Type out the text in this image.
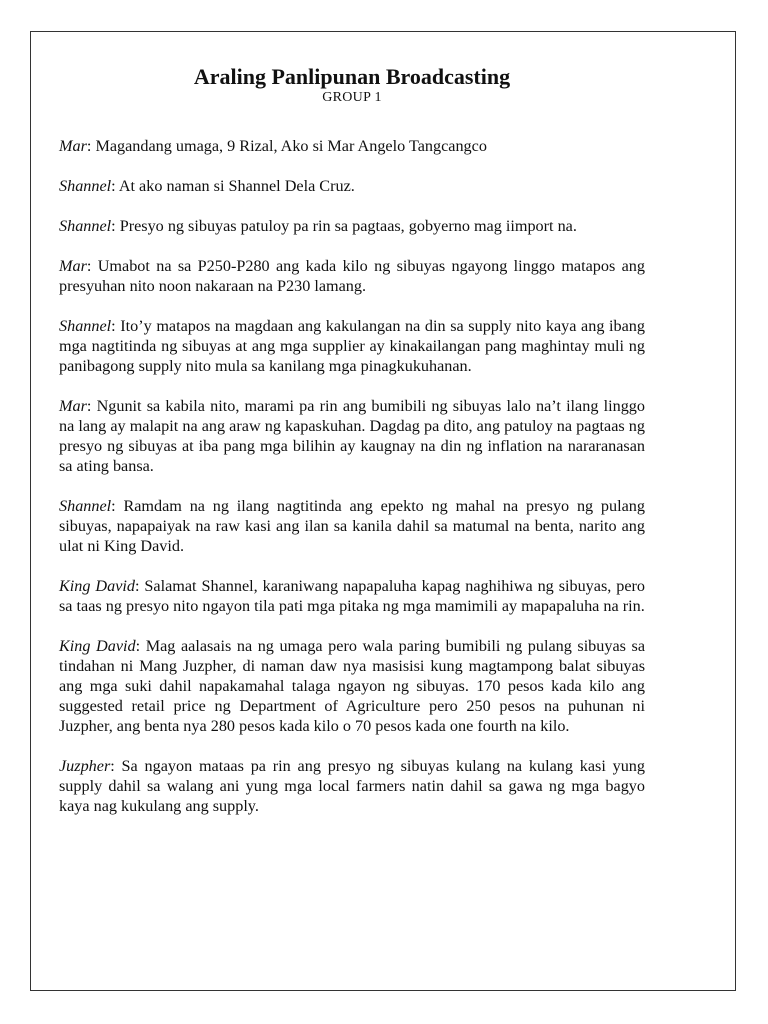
Araling Panlipunan Broadcasting

GROUP 1

Mar: Magandang umaga, 9 Rizal, Ako si Mar Angelo Tangcangco

Shannel: At ako naman si Shannel Dela Cruz.

Shannel: Presyo ng sibuyas patuloy pa rin sa pagtaas, gobyerno mag iimport na.

Mar: Umabot na sa P250-P280 ang kada kilo ng sibuyas ngayong linggo matapos ang presyuhan nito noon nakaraan na P230 lamang.

Shannel: Ito’y matapos na magdaan ang kakulangan na din sa supply nito kaya ang ibang mga nagtitinda ng sibuyas at ang mga supplier ay kinakailangan pang maghintay muli ng panibagong supply nito mula sa kanilang mga pinagkukuhanan.

Mar: Ngunit sa kabila nito, marami pa rin ang bumibili ng sibuyas lalo na’t ilang linggo na lang ay malapit na ang araw ng kapaskuhan. Dagdag pa dito, ang patuloy na pagtaas ng presyo ng sibuyas at iba pang mga bilihin ay kaugnay na din ng inflation na nararanasan sa ating bansa.

Shannel: Ramdam na ng ilang nagtitinda ang epekto ng mahal na presyo ng pulang sibuyas, napapaiyak na raw kasi ang ilan sa kanila dahil sa matumal na benta, narito ang ulat ni King David.

King David: Salamat Shannel, karaniwang napapaluha kapag naghihiwa ng sibuyas, pero sa taas ng presyo nito ngayon tila pati mga pitaka ng mga mamimili ay mapapaluha na rin.

King David: Mag aalasais na ng umaga pero wala paring bumibili ng pulang sibuyas sa tindahan ni Mang Juzpher, di naman daw nya masisisi kung magtampong balat sibuyas ang mga suki dahil napakamahal talaga ngayon ng sibuyas. 170 pesos kada kilo ang suggested retail price ng Department of Agriculture pero 250 pesos na puhunan ni Juzpher, ang benta nya 280 pesos kada kilo o 70 pesos kada one fourth na kilo.

Juzpher: Sa ngayon mataas pa rin ang presyo ng sibuyas kulang na kulang kasi yung supply dahil sa walang ani yung mga local farmers natin dahil sa gawa ng mga bagyo kaya nag kukulang ang supply.
